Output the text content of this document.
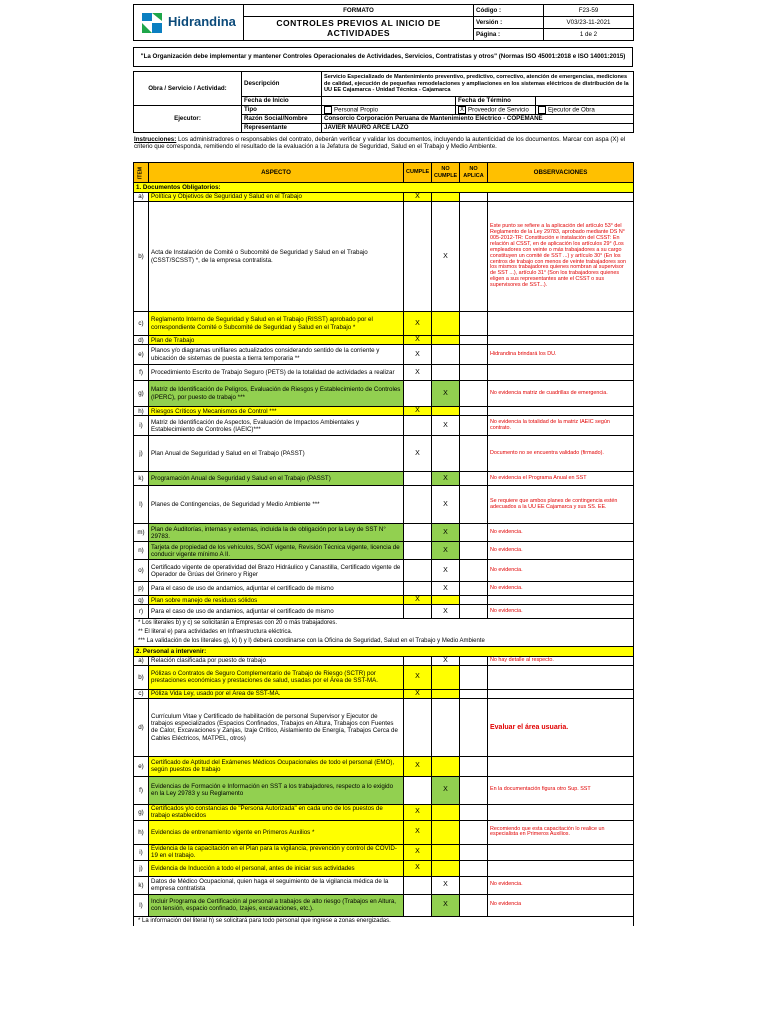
Hidrandina	FORMATO	Código :	F23-59
	CONTROLES PREVIOS AL INICIO DE ACTIVIDADES	Versión :	V03/23-11-2021
		Página :	1 de 2
"La Organización debe implementar y mantener Controles Operacionales de Actividades, Servicios, Contratistas y otros" (Normas ISO 45001:2018 e ISO 14001:2015)
Obra / Servicio / Actividad:	Descripción	Servicio Especializado de Mantenimiento preventivo, predictivo, correctivo, atención de emergencias, mediciones de calidad, ejecución de pequeñas remodelaciones y ampliaciones en los sistemas eléctricos de distribución de la UU EE Cajamarca - Unidad Técnica - Cajamarca		
	Fecha de Inicio		Fecha de Término	
Ejecutor:	Tipo	Personal Propio	X Proveedor de Servicio	Ejecutor de Obra
	Razón Social/Nombre	Consorcio Corporación Peruana de Mantenimiento Eléctrico - COPEMANE		
	Representante	JAVIER MAURO ARCE LAZO		
Instrucciones: Los administradores o responsables del contrato, deberán verificar y validar los documentos, incluyendo la autenticidad de los documentos. Marcar con aspa (X) el criterio que corresponda, remitiendo el resultado de la evaluación a la Jefatura de Seguridad, Salud en el Trabajo y Medio Ambiente.
ITEM	ASPECTO	CUMPLE	NO CUMPLE	NO APLICA	OBSERVACIONES
1. Documentos Obligatorios:					
a)	Política y Objetivos de Seguridad y Salud en el Trabajo	X			
b)	Acta de Instalación de Comité o Subcomité de Seguridad y Salud en el Trabajo (CSST/SCSST) *, de la empresa contratista.		X		Este punto se refiere a la aplicación del artículo 53° del Reglamento de la Ley 29783, aprobado mediante DS N° 005-2012-TR: Constitución e instalación del CSST: En relación al CSST, en de aplicación los artículos 29° (Los empleadores con veinte o más trabajadores a su cargo constituyen un comité de SST ...) y artículo 30° (En los centros de trabajo con menos de veinte trabajadores son los mismos trabajadores quienes nombran al supervisor de SST ...), artículo 31° (Son los trabajadores quienes eligen a sus representantes ante el CSST o sus supervisores de SST...).
c)	Reglamento Interno de Seguridad y Salud en el Trabajo (RISST) aprobado por el correspondiente Comité o Subcomité de Seguridad y Salud en el Trabajo *	X			
d)	Plan de Trabajo	X			
e)	Planos y/o diagramas unifilares actualizados considerando sentido de la corriente y ubicación de sistemas de puesta a tierra temporaria **	X			Hidrandina brindará los DU.
f)	Procedimiento Escrito de Trabajo Seguro (PETS) de la totalidad de actividades a realizar	X			
g)	Matriz de Identificación de Peligros, Evaluación de Riesgos y Establecimiento de Controles (IPERC), por puesto de trabajo ***		X		No evidencia matriz de cuadrillas de emergencia.
h)	Riesgos Críticos y Mecanismos de Control ***	X			
i)	Matriz de Identificación de Aspectos, Evaluación de Impactos Ambientales y Establecimiento de Controles (IAEIC)***		X		No evidencia la totalidad de la matriz IAEIC según contrato.
j)	Plan Anual de Seguridad y Salud en el Trabajo (PASST)	X			Documento no se encuentra validado (firmado).
k)	Programación Anual de Seguridad y Salud en el Trabajo (PASST)		X		No evidencia el Programa Anual en SST
l)	Planes de Contingencias, de Seguridad y Medio Ambiente ***		X		Se requiere que ambos planes de contingencia estén adecuados a la UU EE Cajamarca y sus SS. EE.
m)	Plan de Auditorías, internas y externas, incluida la de obligación por la Ley de SST N° 29783.		X		No evidencia.
n)	Tarjeta de propiedad de los vehículos, SOAT vigente, Revisión Técnica vigente, licencia de conducir vigente mínimo A II.		X		No evidencia.
o)	Certificado vigente de operatividad del Brazo Hidráulico y Canastilla, Certificado vigente de Operador de Grúas del Grinero y Riger		X		No evidencia.
p)	Para el caso de uso de andamios, adjuntar el certificado de mismo		X		No evidencia.
q)	Plan sobre manejo de residuos sólidos	X			
r)	Para el caso de uso de andamios, adjuntar el certificado de mismo		X		No evidencia.
* Los literales b) y c) se solicitarán a Empresas con 20 o más trabajadores.					
** El literal e) para actividades en Infraestructura eléctrica.					
*** La validación de los literales g), k) l) y l) deberá coordinarse con la Oficina de Seguridad, Salud en el Trabajo y Medio Ambiente					
2. Personal a intervenir:					
a)	Relación clasificada por puesto de trabajo		X		No hay detalle al respecto.
b)	Pólizas o Contratos de Seguro Complementario de Trabajo de Riesgo (SCTR) por prestaciones económicas y prestaciones de salud, usadas por el Área de SST-MA.	X			
c)	Póliza Vida Ley, usado por el Área de SST-MA.	X			
d)	Currículum Vitae y Certificado de habilitación de personal Supervisor y Ejecutor de trabajos especializados (Espacios Confinados, Trabajos en Altura, Trabajos con Fuentes de Calor, Excavaciones y Zanjas, Izaje Crítico, Aislamiento de Energía, Trabajos Cerca de Cables Eléctricos, MATPEL, otros)				Evaluar el área usuaria.
e)	Certificado de Aptitud del Exámenes Médicos Ocupacionales de todo el personal (EMO), según puestos de trabajo	X			
f)	Evidencias de Formación e Información en SST a los trabajadores, respecto a lo exigido en la Ley 29783 y su Reglamento		X		En la documentación figura otro Sup. SST
g)	Certificados y/o constancias de "Persona Autorizada" en cada uno de los puestos de trabajo establecidos	X			
h)	Evidencias de entrenamiento vigente en Primeros Auxilios *	X			Recomiendo que esta capacitación lo realice un especialista en Primeros Auxilios.
i)	Evidencia de la capacitación en el Plan para la vigilancia, prevención y control de COVID-19 en el trabajo.	X			
j)	Evidencia de Inducción a todo el personal, antes de iniciar sus actividades	X			
k)	Datos de Médico Ocupacional, quien haga el seguimiento de la vigilancia médica de la empresa contratista		X		No evidencia.
l)	Incluir Programa de Certificación al personal a trabajos de alto riesgo (Trabajos en Altura, con tensión, espacio confinado, Izajes, excavaciones, etc.).		X		No evidencia
* La información del literal h) se solicitará para todo personal que ingrese a zonas energizadas.					
